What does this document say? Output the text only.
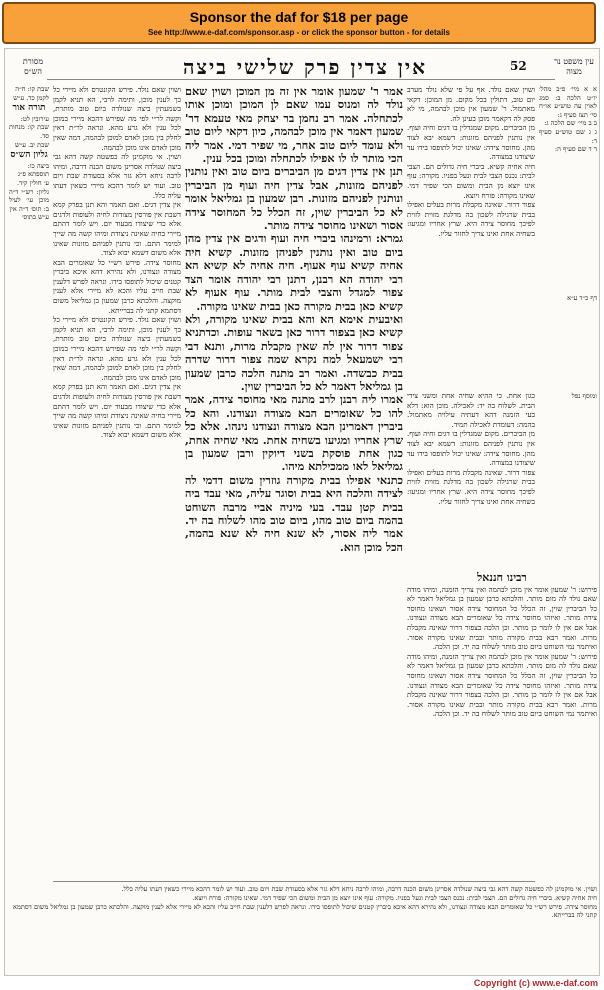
Sponsor the daf for $18 per page
See http://www.e-daf.com/sponsor.asp - or click the sponsor button - for details
מסורת הש״ס	אין צדין פרק שלישי ביצה	52	עין משפט נר מצוה

שבת קו: ח״ה

לקמן כד. ע״ש

תורה אור

עירובין לט:

שבת קו: מנחות סד.

שבת יב. ע״ש

גליון הש״ס

ביצה כו:

תוספתא פ״ג

ע׳ חולין קיד.

גליון: רש״י ד״ה מוכן עי׳ לעיל ב: תוס׳ ד״ה אין

ע״ש בתוס׳

ושוין שאם נולד. פירש הקונטרס ולא מיירי כל כך לענין מוכן, ותימה לרבי, הא תניא לקמן בשמעתין ביצה שנולדה ביום טוב מותרת, וקשה לר״י לפי מה שפירש דהכא מיירי במוכן לכל ענין ולא גרע מהא. ונראה לר״ת דאין לחלק בין מוכן לאדם למוכן לבהמה, דמה שאין מוכן לאדם אינו מוכן לבהמה.

ושוין. אי מוקמינן לה כפשטה קשה דהא גבי ביצה שנולדה אסרינן משום הכנה דרבה, ומיהו לרבה ניחא דלא גזר אלא בסעודת שבת ויום טוב. ועוד יש לומר דהכא מיירי כשאין דעתו עליה כלל.

אין צדין דגים. ואם תאמר והא תנן בפרק קמא דשבת אין פורסין מצודות לחיה ולעופות ולדגים אלא כדי שיצודו מבעוד יום. ויש לומר דהתם מיירי בחיה שאינה ניצודת ומיהו קשה מה שייך למימר התם. וכי נותנין לפניהם מזונות שאינו אלא משום דשמא יבוא לצוד.

מחוסר צידה. פירש רש״י כל שאומרים הבא מצודה ונצודנו, ולא נהירא דהא איכא ביברין קטנים שיכול לתופסו בידו. ונראה לפרש דלענין שבת חייב עליו והכא לא מיירי אלא לענין מוקצה. והלכתא כרבן שמעון בן גמליאל משום דסתמא קתני לה בברייתא.

ושוין שאם נולד. פירש הקונטרס ולא מיירי כל כך לענין מוכן, ותימה לרבי, הא תניא לקמן בשמעתין ביצה שנולדה ביום טוב מותרת, וקשה לר״י לפי מה שפירש דהכא מיירי במוכן לכל ענין ולא גרע מהא. ונראה לר״ת דאין לחלק בין מוכן לאדם למוכן לבהמה, דמה שאין מוכן לאדם אינו מוכן לבהמה.

אין צדין דגים. ואם תאמר והא תנן בפרק קמא דשבת אין פורסין מצודות לחיה ולעופות ולדגים אלא כדי שיצודו מבעוד יום. ויש לומר דהתם מיירי בחיה שאינה ניצודת ומיהו קשה מה שייך למימר התם. וכי נותנין לפניהם מזונות שאינו אלא משום דשמא יבוא לצוד.

אמר ר' שמעון אומר אין זה מן המוכן ושוין שאם נולד לה ומנוס עמו שאם לן המוכן ומוכן אותו לכתחלה. אמר רב נחמן בר יצחק מאי טעמא דר' שמעון דאמר אין מוכן לבהמה, כיון דקאי ליום טוב ולא עומד ליום טוב אחר, מי שפיר דמי. אמר ליה הכי מותר לו לו אפילו לכתחלה ומוכן בכל ענין.

תנן אין צדין דגים מן הביברים ביום טוב ואין נותנין לפניהם מזונות, אבל צדין חיה ועוף מן הביברין ונותנין לפניהם מזונות. רבן שמעון בן גמליאל אומר לא כל הביברין שוין, זה הכלל כל המחוסר צידה אסור ושאינו מחוסר צידה מותר.

גמרא: ורמינהו ביברי חיה ועוף ודגים אין צדין מהן ביום טוב ואין נותנין לפניהן מזונות. קשיא חיה אחיה קשיא עוף אעוף. חיה אחיה לא קשיא הא רבי יהודה הא רבנן, דתנן רבי יהודה אומר הצד צפור למגדל והצבי לבית מותר. עוף אעוף לא קשיא כאן בבית מקורה כאן בבית שאינו מקורה.

ואיבעית אימא הא והא בבית שאינו מקורה, ולא קשיא כאן בצפור דרור כאן בשאר עופות. וכדתניא צפור דרור אין לה שאין מקבלת מרות, ותנא דבי רבי ישמעאל למה נקרא שמה צפור דרור שדרה בבית כבשדה. ואמר רב מתנה הלכה כרבן שמעון בן גמליאל דאמר לא כל הביברין שוין.

אמרו ליה רבנן לרב מתנה מאי מחוסר צידה, אמר להו כל שאומרים הבא מצודה ונצודנו. והא כל ביברין דאמרינן הבא מצודה ונצודנו נינהו. אלא כל שרץ אחריו ומגיעו בשחיה אחת. מאי שחיה אחת, כגון אחת פוסקת בשני דיוקין ורבן שמעון בן גמליאל לאו ממכילתא מיהו.

כתנאי אפילו בבית מקורה גוזרין משום דדמי לה לצידה והלכה היא בבית וסוגר עליה, מאי עבד ביה בבית קטן עבד. בעי מיניה אביי מרבה השוחט בהמה ביום טוב מהו, ביום טוב מהו לשלוח בה יד. אמר ליה אסור, לא שנא חיה לא שנא בהמה, הכל מוכן הוא.

ושוין שאם נולד. אף על פי שלא נולד מערב יום טוב, דתולין בכל מקום. מן המוכן: דקאי מאתמול. ר' שמעון אין מוכן לבהמה, מי לא פסק לה דקאמר מוכן בעינן לה.

מן הביברים. מקום שמגדלין בו דגים וחיה ועוף. אין נותנין לפניהם מזונות: דשמא יבא לצוד מהן. מחוסר צידה: שאינו יכול לתופסו בידו עד שיצודנו במצודה.

חיה אחיה קשיא. ביברי חיה גדולים הם. הצבי לבית: נכנס הצבי לבית ונעל בפניו. מקורה: עוף אינו יוצא מן הבית ומשום הכי שפיר דמי. שאינו מקורה: פורח ויוצא.

צפור דרור. שאינה מקבלת מרות בעלים ואפילו בבית שרגילה לשכון בה מדלגת מזוית לזוית לפיכך מחוסר צידה היא. שרץ אחריו ומגיעו: בשחיה אחת ואינו צריך לחזור עליו.

כגון אחת. כי ההיא שחיה אחת ומשני צידי הבית. לשלוח בה יד: לאכילה. מוכן הוא: דלא בעי הזמנה דהא דעתיה עילויה מאתמול. בהמה: דעומדת לאכילה תמיד.

מן הביברים. מקום שמגדלין בו דגים וחיה ועוף. אין נותנין לפניהם מזונות: דשמא יבא לצוד מהן. מחוסר צידה: שאינו יכול לתופסו בידו עד שיצודנו במצודה.

צפור דרור. שאינה מקבלת מרות בעלים ואפילו בבית שרגילה לשכון בה מדלגת מזוית לזוית לפיכך מחוסר צידה היא. שרץ אחריו ומגיעו: בשחיה אחת ואינו צריך לחזור עליו.

רבינו חננאל

פירוש: ר' שמעון אומר אין מוכן לבהמה ואין צריך הזמנה, ומיהו מודה שאם נולד לה מום מותר. והלכתא כרבן שמעון בן גמליאל דאמר לא כל הביברין שוין, זה הכלל כל המחוסר צידה אסור ושאינו מחוסר צידה מותר. ואיזהו מחוסר צידה כל שאומרים הבא מצודה ונצודנו. אבל אם אין לו לומר כן מותר. וכן הלכה בצפור דרור שאינה מקבלת מרות. ואמר רבא בבית מקורה מותר ובבית שאינו מקורה אסור. ואיתמר נמי השוחט ביום טוב מותר לשלוח בה יד. וכן הלכה.

פירוש: ר' שמעון אומר אין מוכן לבהמה ואין צריך הזמנה, ומיהו מודה שאם נולד לה מום מותר. והלכתא כרבן שמעון בן גמליאל דאמר לא כל הביברין שוין, זה הכלל כל המחוסר צידה אסור ושאינו מחוסר צידה מותר. ואיזהו מחוסר צידה כל שאומרים הבא מצודה ונצודנו. אבל אם אין לו לומר כן מותר. וכן הלכה בצפור דרור שאינה מקבלת מרות. ואמר רבא בבית מקורה מותר ובבית שאינו מקורה אסור. ואיתמר נמי השוחט ביום טוב מותר לשלוח בה יד. וכן הלכה.

א א מיי׳ פ״ב מהל׳ יו״ט הלכה ב: סמג לאוין עה טוש״ע או״ח סי׳ תצז סעיף ג:

ב ב מיי׳ שם הלכה ג:

ג ג שם טוש״ע סעיף ד:

ד ד שם סעיף ה:

דף כ״ד ע״א

ומוסף נפל

ושוין. אי מוקמינן לה כפשטה קשה דהא גבי ביצה שנולדה אסרינן משום הכנה דרבה, ומיהו לרבה ניחא דלא גזר אלא בסעודת שבת ויום טוב. ועוד יש לומר דהכא מיירי כשאין דעתו עליה כלל.

חיה אחיה קשיא. ביברי חיה גדולים הם. הצבי לבית: נכנס הצבי לבית ונעל בפניו. מקורה: עוף אינו יוצא מן הבית ומשום הכי שפיר דמי. שאינו מקורה: פורח ויוצא.

מחוסר צידה. פירש רש״י כל שאומרים הבא מצודה ונצודנו, ולא נהירא דהא איכא ביברין קטנים שיכול לתופסו בידו. ונראה לפרש דלענין שבת חייב עליו והכא לא מיירי אלא לענין מוקצה. והלכתא כרבן שמעון בן גמליאל משום דסתמא קתני לה בברייתא.

Copyright (c) www.e-daf.com
